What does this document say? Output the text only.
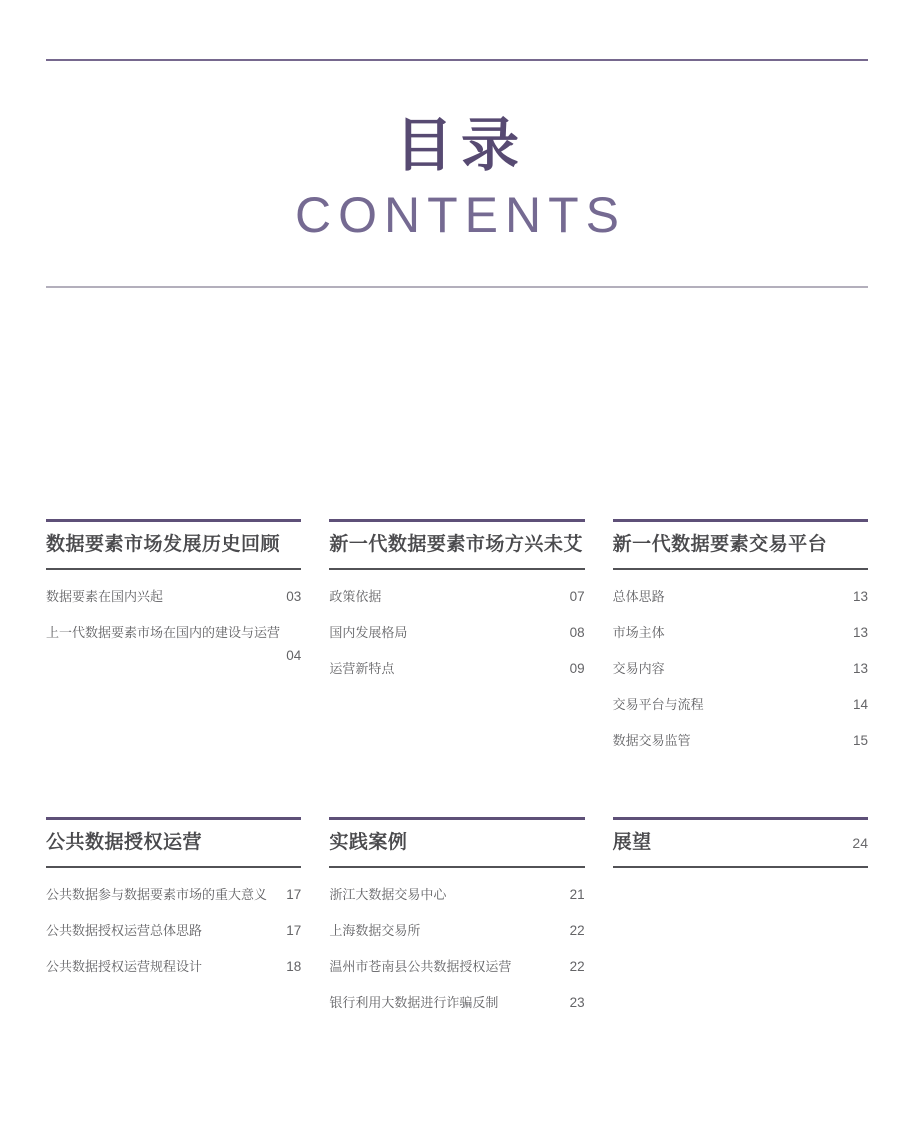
目录
CONTENTS
数据要素市场发展历史回顾
数据要素在国内兴起	03
上一代数据要素市场在国内的建设与运营
04
新一代数据要素市场方兴未艾
政策依据	07
国内发展格局	08
运营新特点	09
新一代数据要素交易平台
总体思路	13
市场主体	13
交易内容	13
交易平台与流程	14
数据交易监管	15
公共数据授权运营
公共数据参与数据要素市场的重大意义 17
公共数据授权运营总体思路	17
公共数据授权运营规程设计	18
实践案例
浙江大数据交易中心	21
上海数据交易所	22
温州市苍南县公共数据授权运营	22
银行利用大数据进行诈骗反制	23
展望	24
